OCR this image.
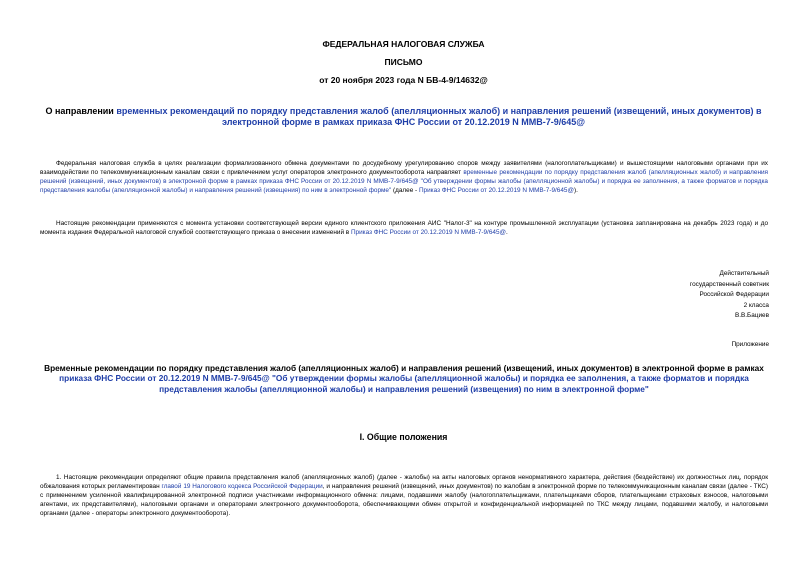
ФЕДЕРАЛЬНАЯ НАЛОГОВАЯ СЛУЖБА
ПИСЬМО
от 20 ноября 2023 года N БВ-4-9/14632@
О направлении временных рекомендаций по порядку представления жалоб (апелляционных жалоб) и направления решений (извещений, иных документов) в электронной форме в рамках приказа ФНС России от 20.12.2019 N ММВ-7-9/645@
Федеральная налоговая служба в целях реализации формализованного обмена документами по досудебному урегулированию споров между заявителями (налогоплательщиками) и вышестоящими налоговыми органами при их взаимодействии по телекоммуникационным каналам связи с привлечением услуг операторов электронного документооборота направляет временные рекомендации по порядку представления жалоб (апелляционных жалоб) и направления решений (извещений, иных документов) в электронной форме в рамках приказа ФНС России от 20.12.2019 N ММВ-7-9/645@ "Об утверждении формы жалобы (апелляционной жалобы) и порядка ее заполнения, а также форматов и порядка представления жалобы (апелляционной жалобы) и направления решений (извещения) по ним в электронной форме" (далее - Приказ ФНС России от 20.12.2019 N ММВ-7-9/645@).
Настоящие рекомендации применяются с момента установки соответствующей версии единого клиентского приложения АИС "Налог-3" на контуре промышленной эксплуатации (установка запланирована на декабрь 2023 года) и до момента издания Федеральной налоговой службой соответствующего приказа о внесении изменений в Приказ ФНС России от 20.12.2019 N ММВ-7-9/645@.
Действительный
государственный советник
Российской Федерации
2 класса
В.В.Бациев
Приложение
Временные рекомендации по порядку представления жалоб (апелляционных жалоб) и направления решений (извещений, иных документов) в электронной форме в рамках приказа ФНС России от 20.12.2019 N ММВ-7-9/645@ "Об утверждении формы жалобы (апелляционной жалобы) и порядка ее заполнения, а также форматов и порядка представления жалобы (апелляционной жалобы) и направления решений (извещения) по ним в электронной форме"
I. Общие положения
1. Настоящие рекомендации определяют общие правила представления жалоб (апелляционных жалоб) (далее - жалобы) на акты налоговых органов ненормативного характера, действия (бездействие) их должностных лиц, порядок обжалования которых регламентирован главой 19 Налогового кодекса Российской Федерации, и направления решений (извещений, иных документов) по жалобам в электронной форме по телекоммуникационным каналам связи (далее - ТКС) с применением усиленной квалифицированной электронной подписи участниками информационного обмена: лицами, подавшими жалобу (налогоплательщиками, плательщиками сборов, плательщиками страховых взносов, налоговыми агентами, их представителями), налоговыми органами и операторами электронного документооборота, обеспечивающими обмен открытой и конфиденциальной информацией по ТКС между лицами, подавшими жалобу, и налоговыми органами (далее - операторы электронного документооборота).
